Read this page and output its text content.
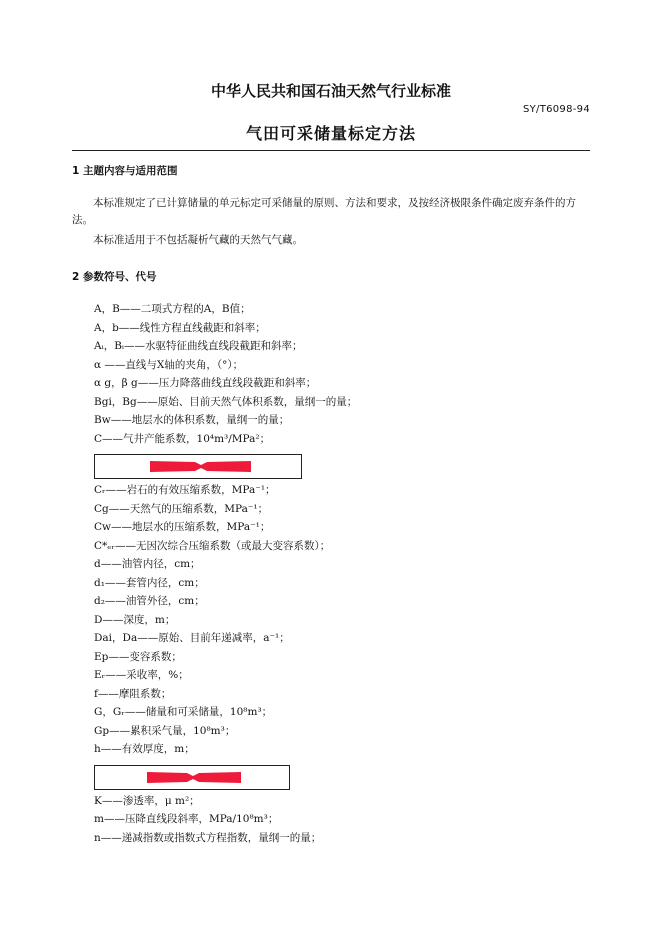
中华人民共和国石油天然气行业标准
SY/T6098-94
气田可采储量标定方法
1 主题内容与适用范围
本标准规定了已计算储量的单元标定可采储量的原则、方法和要求，及按经济极限条件确定废弃条件的方法。
本标准适用于不包括凝析气藏的天然气气藏。
2 参数符号、代号
A，B——二项式方程的A，B值；
A，b——线性方程直线截距和斜率；
Aᵢ，Bᵢ——水驱特征曲线直线段截距和斜率；
α ——直线与X轴的夹角，（°）；
α g，β g——压力降落曲线直线段截距和斜率；
Bgi，Bg——原始、目前天然气体积系数，量纲一的量；
Bw——地层水的体积系数，量纲一的量；
C——气井产能系数，10⁴m³/MPa²；
Cᵣ——岩石的有效压缩系数，MPa⁻¹；
Cg——天然气的压缩系数，MPa⁻¹；
Cw——地层水的压缩系数，MPa⁻¹；
C*ₑᵣ——无因次综合压缩系数（或最大变容系数）；
d——油管内径，cm；
d₁——套管内径，cm；
d₂——油管外径，cm；
D——深度，m；
Dai，Da——原始、目前年递减率，a⁻¹；
Ep——变容系数；
Eᵣ——采收率，%；
f——摩阻系数；
G，Gᵣ——储量和可采储量，10⁸m³；
Gp——累积采气量，10⁸m³；
h——有效厚度，m；
K——渗透率，μ m²；
m——压降直线段斜率，MPa/10⁸m³；
n——递减指数或指数式方程指数，量纲一的量；
